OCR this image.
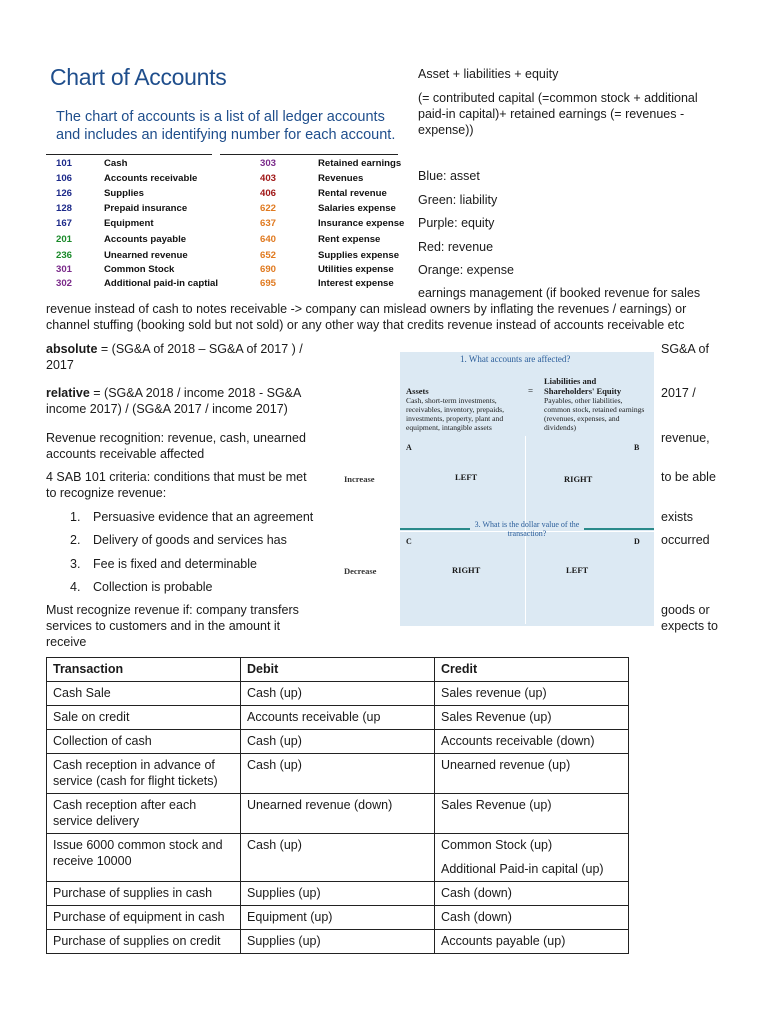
Chart of Accounts
The chart of accounts is a list of all ledger accounts and includes an identifying number for each account.
101	Cash
106	Accounts receivable
126	Supplies
128	Prepaid insurance
167	Equipment
201	Accounts payable
236	Unearned revenue
301	Common Stock
302	Additional paid-in captial
303	Retained earnings
403	Revenues
406	Rental revenue
622	Salaries expense
637	Insurance expense
640	Rent expense
652	Supplies expense
690	Utilities expense
695	Interest expense

Asset + liabilities + equity

(= contributed capital (=common stock + additional paid-in capital)+ retained earnings (= revenues - expense))

Blue: asset
Green: liability
Purple: equity
Red: revenue
Orange: expense
earnings management (if booked revenue for sales
revenue instead of cash to notes receivable -> company can mislead owners by inflating the revenues / earnings) or
channel stuffing (booking sold but not sold) or any other way that credits revenue instead of accounts receivable etc
absolute = (SG&A of 2018 – SG&A of 2017 ) /	SG&A of
2017
relative = (SG&A 2018 / income 2018 - SG&A	2017 /
income 2017) / (SG&A 2017 / income 2017)
Revenue recognition: revenue, cash, unearned	revenue,
accounts receivable affected
4 SAB 101 criteria: conditions that must be met	to be able
to recognize revenue:
1. Persuasive evidence that an agreement
2. Delivery of goods and services has
3. Fee is fixed and determinable
4. Collection is probable
exists
occurred
Must recognize revenue if: company transfers	goods or
services to customers and in the amount it	expects to
receive
1. What accounts are affected?
Assets
Cash, short-term investments, receivables, inventory, prepaids, investments, property, plant and equipment, intangible assets
=
Liabilities and Shareholders' Equity
Payables, other liabilities, common stock, retained earnings (revenues, expenses, and dividends)
A	B
C	D
Increase
Decrease
LEFT	RIGHT
RIGHT	LEFT
3. What is the dollar value of the transaction?
Transaction	Debit	Credit

Cash Sale	Cash (up)	Sales revenue (up)

Sale on credit	Accounts receivable (up	Sales Revenue (up)

Collection of cash	Cash (up)	Accounts receivable (down)

Cash reception in advance of service (cash for flight tickets)	Cash (up)	Unearned revenue (up)

Cash reception after each service delivery	Unearned revenue (down)	Sales Revenue (up)

Issue 6000 common stock and receive 10000	Cash (up)	Common Stock (up)
Additional Paid-in capital (up)

Purchase of supplies in cash	Supplies (up)	Cash (down)

Purchase of equipment in cash	Equipment (up)	Cash (down)

Purchase of supplies on credit	Supplies (up)	Accounts payable (up)
